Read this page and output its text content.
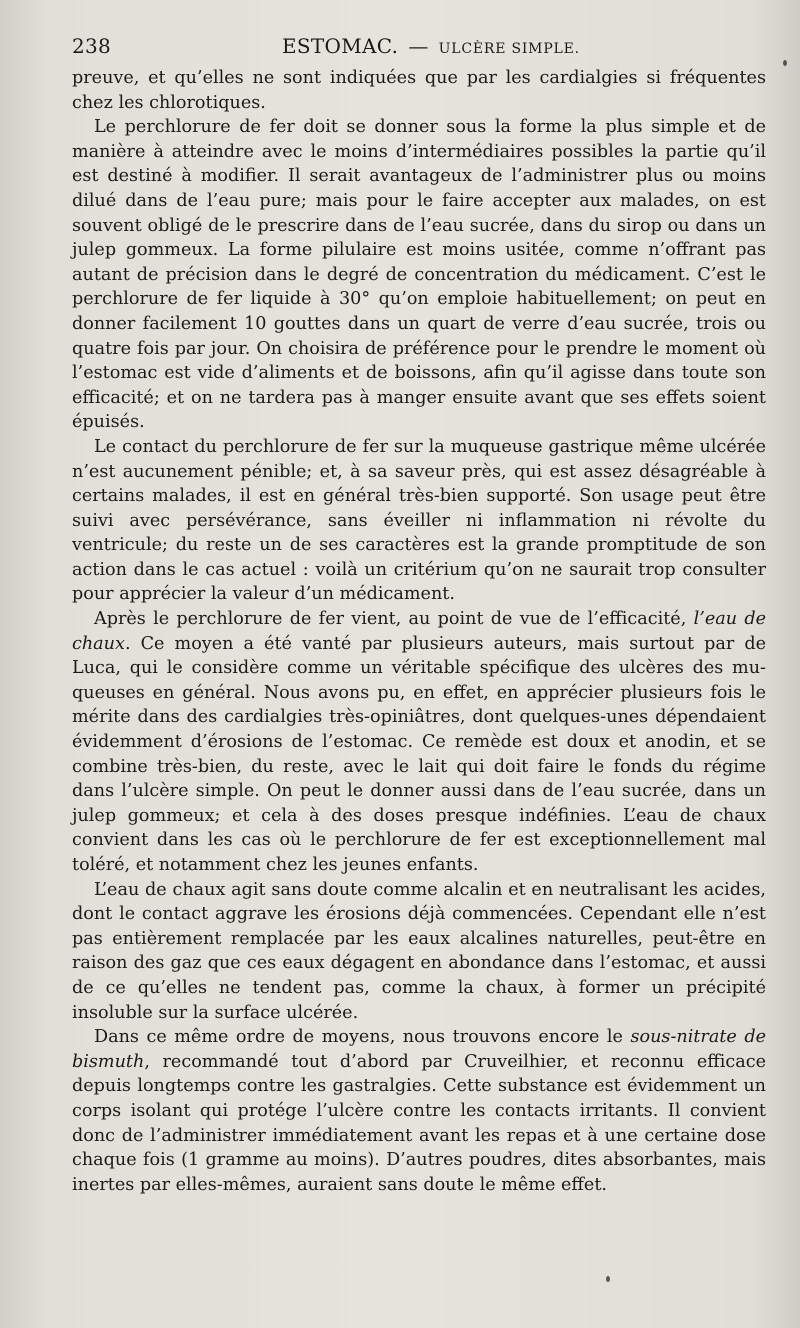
238	ESTOMAC. — ULCÈRE SIMPLE.

preuve, et qu’elles ne sont indiquées que par les cardialgies si fréquentes chez les chlorotiques.

Le perchlorure de fer doit se donner sous la forme la plus simple et de manière à atteindre avec le moins d’intermédiaires possibles la partie qu’il est destiné à modifier. Il serait avantageux de l’administrer plus ou moins dilué dans de l’eau pure; mais pour le faire accepter aux malades, on est souvent obligé de le prescrire dans de l’eau sucrée, dans du sirop ou dans un julep gommeux. La forme pilulaire est moins usitée, comme n’offrant pas autant de précision dans le degré de concentration du médicament. C’est le perchlorure de fer liquide à 30° qu’on emploie habituellement; on peut en donner facilement 10 gouttes dans un quart de verre d’eau sucrée, trois ou quatre fois par jour. On choisira de préférence pour le prendre le moment où l’estomac est vide d’aliments et de boissons, afin qu’il agisse dans toute son efficacité; et on ne tardera pas à manger ensuite avant que ses effets soient épuisés.

Le contact du perchlorure de fer sur la muqueuse gastrique même ulcérée n’est aucunement pénible; et, à sa saveur près, qui est assez désagréable à certains malades, il est en général très-bien supporté. Son usage peut être suivi avec persévérance, sans éveiller ni inflammation ni révolte du ventricule; du reste un de ses caractères est la grande promptitude de son action dans le cas actuel : voilà un critérium qu’on ne saurait trop consulter pour apprécier la valeur d’un médicament.

Après le perchlorure de fer vient, au point de vue de l’efficacité, l’eau de chaux. Ce moyen a été vanté par plusieurs auteurs, mais surtout par de Luca, qui le considère comme un véritable spécifique des ulcères des muqueuses en général. Nous avons pu, en effet, en apprécier plusieurs fois le mérite dans des cardialgies très-opiniâtres, dont quelques-unes dépendaient évidemment d’érosions de l’estomac. Ce remède est doux et anodin, et se combine très-bien, du reste, avec le lait qui doit faire le fonds du régime dans l’ulcère simple. On peut le donner aussi dans de l’eau sucrée, dans un julep gommeux; et cela à des doses presque indéfinies. L’eau de chaux convient dans les cas où le perchlorure de fer est exceptionnellement mal toléré, et notamment chez les jeunes enfants.

L’eau de chaux agit sans doute comme alcalin et en neutralisant les acides, dont le contact aggrave les érosions déjà commencées. Cependant elle n’est pas entièrement remplacée par les eaux alcalines naturelles, peut-être en raison des gaz que ces eaux dégagent en abondance dans l’estomac, et aussi de ce qu’elles ne tendent pas, comme la chaux, à former un précipité insoluble sur la surface ulcérée.

Dans ce même ordre de moyens, nous trouvons encore le sous-nitrate de bismuth, recommandé tout d’abord par Cruveilhier, et reconnu efficace depuis longtemps contre les gastralgies. Cette substance est évidemment un corps isolant qui protége l’ulcère contre les contacts irritants. Il convient donc de l’administrer immédiatement avant les repas et à une certaine dose chaque fois (1 gramme au moins). D’autres poudres, dites absorbantes, mais inertes par elles-mêmes, auraient sans doute le même effet.
